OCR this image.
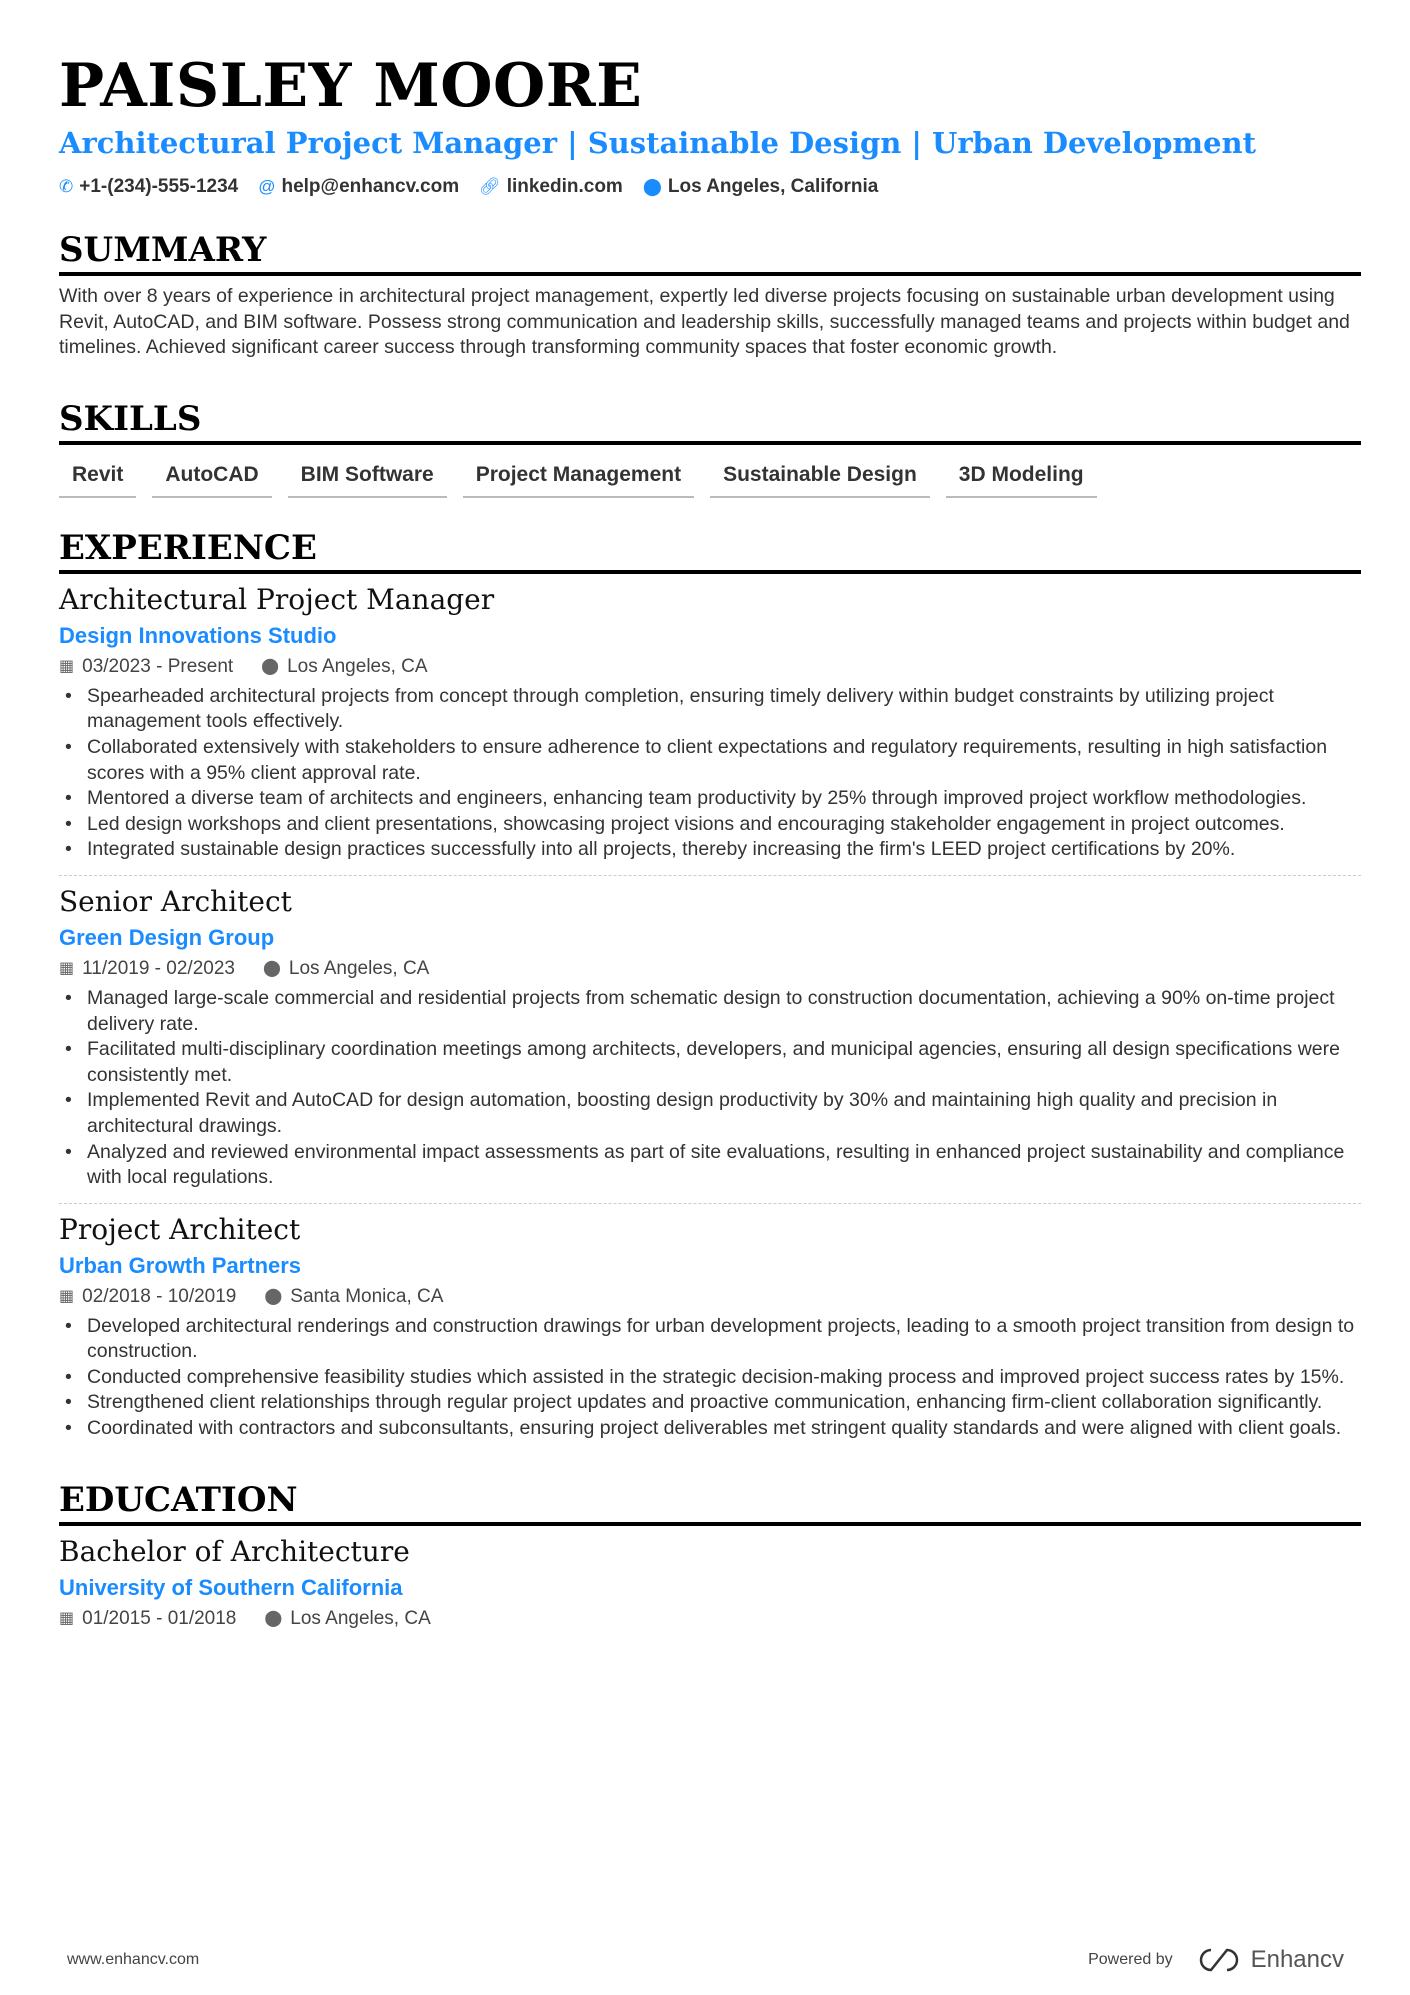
PAISLEY MOORE
Architectural Project Manager | Sustainable Design | Urban Development
✆ +1-(234)-555-1234 @ help@enhancv.com 🔗︎ linkedin.com ⬤ Los Angeles, California
SUMMARY

With over 8 years of experience in architectural project management, expertly led diverse projects focusing on sustainable urban development using Revit, AutoCAD, and BIM software. Possess strong communication and leadership skills, successfully managed teams and projects within budget and timelines. Achieved significant career success through transforming community spaces that foster economic growth.

SKILLS
Revit	AutoCAD	BIM Software	Project Management	Sustainable Design	3D Modeling
EXPERIENCE
Architectural Project Manager
Design Innovations Studio
▦ 03/2023 - Present ⬤ Los Angeles, CA
• Spearheaded architectural projects from concept through completion, ensuring timely delivery within budget constraints by utilizing project management tools effectively.
• Collaborated extensively with stakeholders to ensure adherence to client expectations and regulatory requirements, resulting in high satisfaction scores with a 95% client approval rate.
• Mentored a diverse team of architects and engineers, enhancing team productivity by 25% through improved project workflow methodologies.
• Led design workshops and client presentations, showcasing project visions and encouraging stakeholder engagement in project outcomes.
• Integrated sustainable design practices successfully into all projects, thereby increasing the firm's LEED project certifications by 20%.
Senior Architect
Green Design Group
▦ 11/2019 - 02/2023 ⬤ Los Angeles, CA
• Managed large-scale commercial and residential projects from schematic design to construction documentation, achieving a 90% on-time project delivery rate.
• Facilitated multi-disciplinary coordination meetings among architects, developers, and municipal agencies, ensuring all design specifications were consistently met.
• Implemented Revit and AutoCAD for design automation, boosting design productivity by 30% and maintaining high quality and precision in architectural drawings.
• Analyzed and reviewed environmental impact assessments as part of site evaluations, resulting in enhanced project sustainability and compliance with local regulations.
Project Architect
Urban Growth Partners
▦ 02/2018 - 10/2019 ⬤ Santa Monica, CA
• Developed architectural renderings and construction drawings for urban development projects, leading to a smooth project transition from design to construction.
• Conducted comprehensive feasibility studies which assisted in the strategic decision-making process and improved project success rates by 15%.
• Strengthened client relationships through regular project updates and proactive communication, enhancing firm-client collaboration significantly.
• Coordinated with contractors and subconsultants, ensuring project deliverables met stringent quality standards and were aligned with client goals.
EDUCATION
Bachelor of Architecture
University of Southern California
▦ 01/2015 - 01/2018 ⬤ Los Angeles, CA
www.enhancv.com	Powered by	Enhancv
